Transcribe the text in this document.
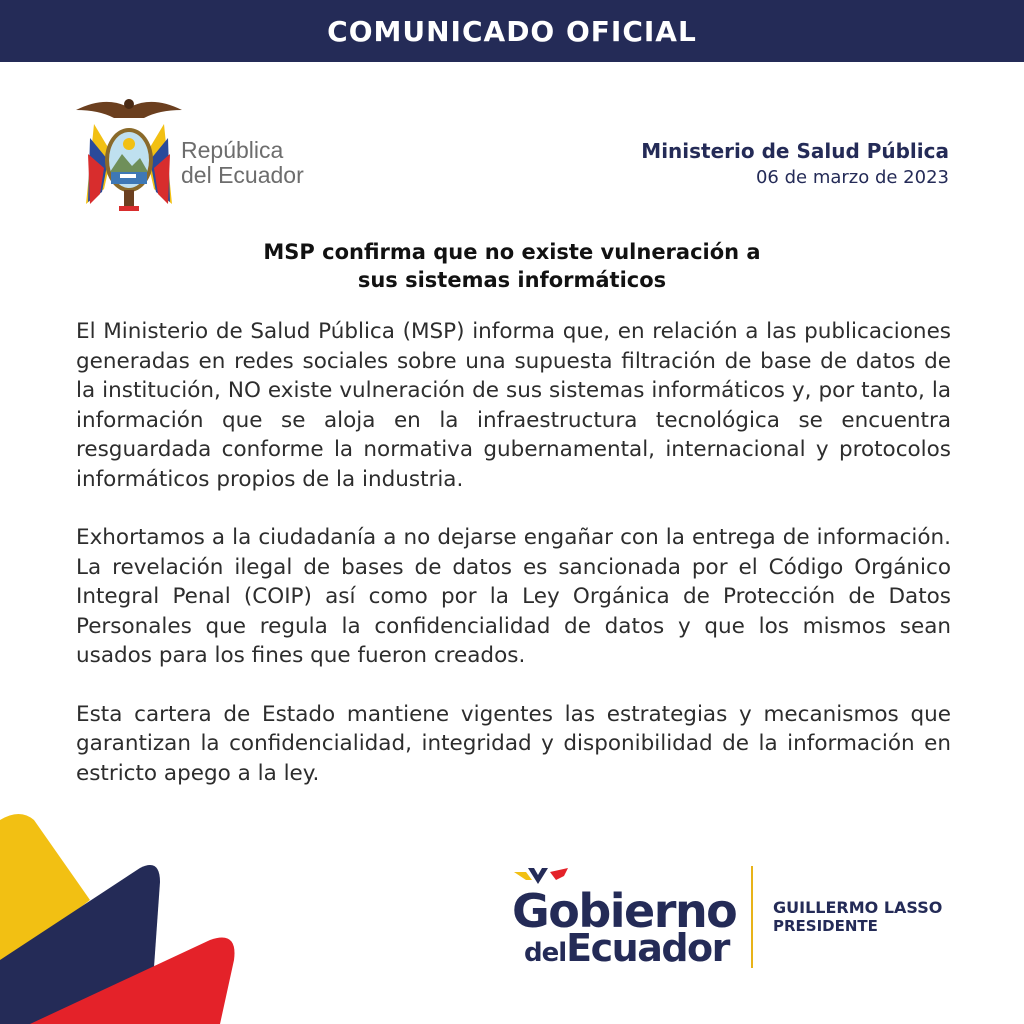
COMUNICADO OFICIAL
República
del Ecuador
Ministerio de Salud Pública
06 de marzo de 2023
MSP confirma que no existe vulneración a
sus sistemas informáticos

El Ministerio de Salud Pública (MSP) informa que, en relación a las publicaciones generadas en redes sociales sobre una supuesta filtración de base de datos de la institución, NO existe vulneración de sus sistemas informáticos y, por tanto, la información que se aloja en la infraestructura tecnológica se encuentra resguardada conforme la normativa gubernamental, internacional y protocolos informáticos propios de la industria.

Exhortamos a la ciudadanía a no dejarse engañar con la entrega de información. La revelación ilegal de bases de datos es sancionada por el Código Orgánico Integral Penal (COIP) así como por la Ley Orgánica de Protección de Datos Personales que regula la confidencialidad de datos y que los mismos sean usados para los fines que fueron creados.

Esta cartera de Estado mantiene vigentes las estrategias y mecanismos que garantizan la confidencialidad, integridad y disponibilidad de la información en estricto apego a la ley.

Gobierno
delEcuador
GUILLERMO LASSO
PRESIDENTE
